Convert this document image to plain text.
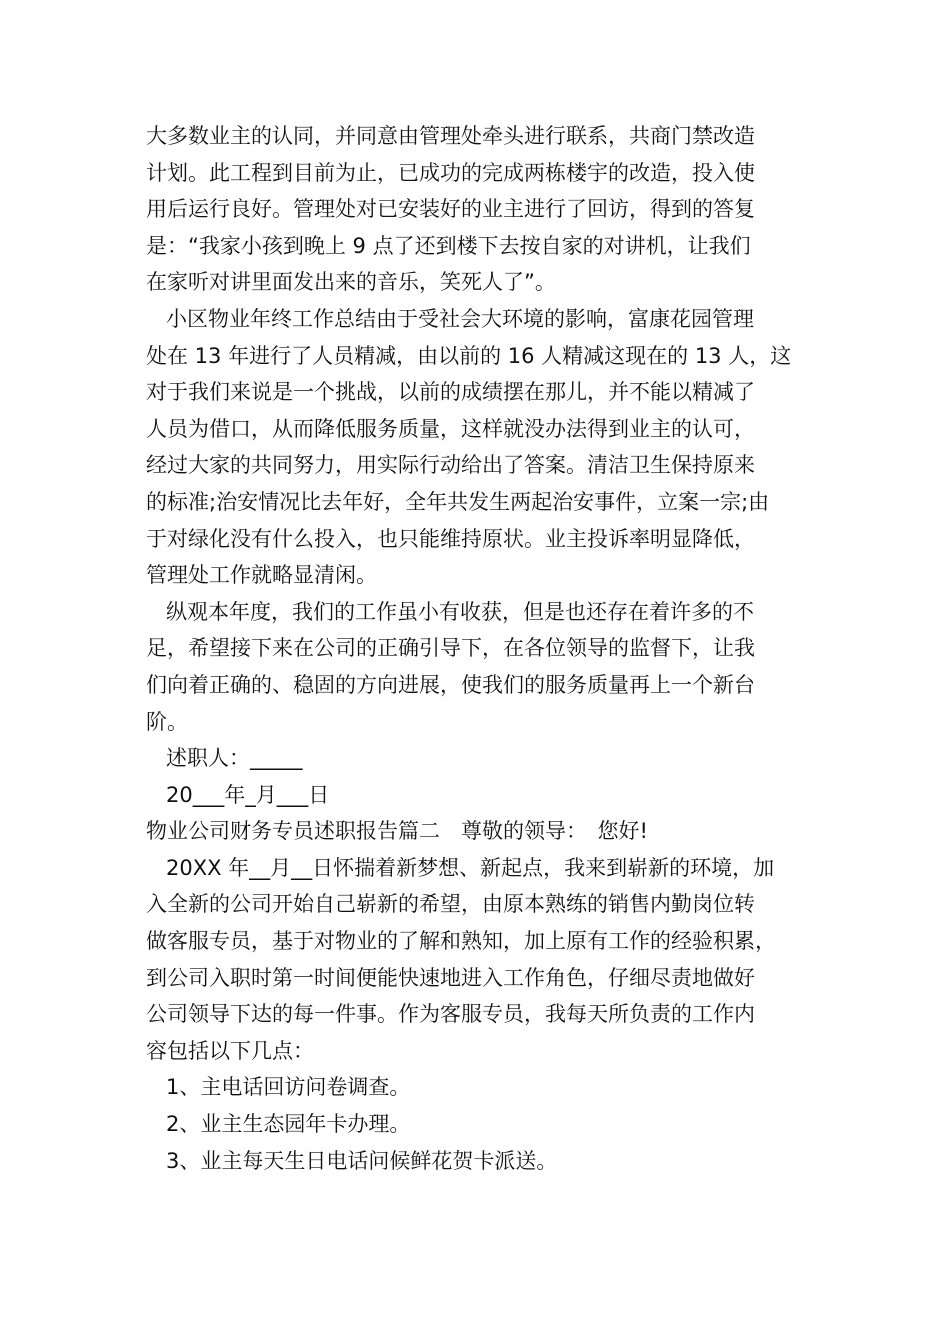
大多数业主的认同，并同意由管理处牵头进行联系，共商门禁改造
计划。此工程到目前为止，已成功的完成两栋楼宇的改造，投入使
用后运行良好。管理处对已安装好的业主进行了回访，得到的答复
是：“我家小孩到晚上 9 点了还到楼下去按自家的对讲机，让我们
在家听对讲里面发出来的音乐，笑死人了”。
小区物业年终工作总结由于受社会大环境的影响，富康花园管理
处在 13 年进行了人员精减，由以前的 16 人精减这现在的 13 人，这
对于我们来说是一个挑战，以前的成绩摆在那儿，并不能以精减了
人员为借口，从而降低服务质量，这样就没办法得到业主的认可，
经过大家的共同努力，用实际行动给出了答案。清洁卫生保持原来
的标准;治安情况比去年好，全年共发生两起治安事件，立案一宗;由
于对绿化没有什么投入，也只能维持原状。业主投诉率明显降低，
管理处工作就略显清闲。
纵观本年度，我们的工作虽小有收获，但是也还存在着许多的不
足，希望接下来在公司的正确引导下，在各位领导的监督下，让我
们向着正确的、稳固的方向进展，使我们的服务质量再上一个新台
阶。
述职人：_____
20___年_月___日
物业公司财务专员述职报告篇二　尊敬的领导：　您好!
20XX 年__月__日怀揣着新梦想、新起点，我来到崭新的环境，加
入全新的公司开始自己崭新的希望，由原本熟练的销售内勤岗位转
做客服专员，基于对物业的了解和熟知，加上原有工作的经验积累，
到公司入职时第一时间便能快速地进入工作角色，仔细尽责地做好
公司领导下达的每一件事。作为客服专员，我每天所负责的工作内
容包括以下几点：
1、主电话回访问卷调查。
2、业主生态园年卡办理。
3、业主每天生日电话问候鲜花贺卡派送。
